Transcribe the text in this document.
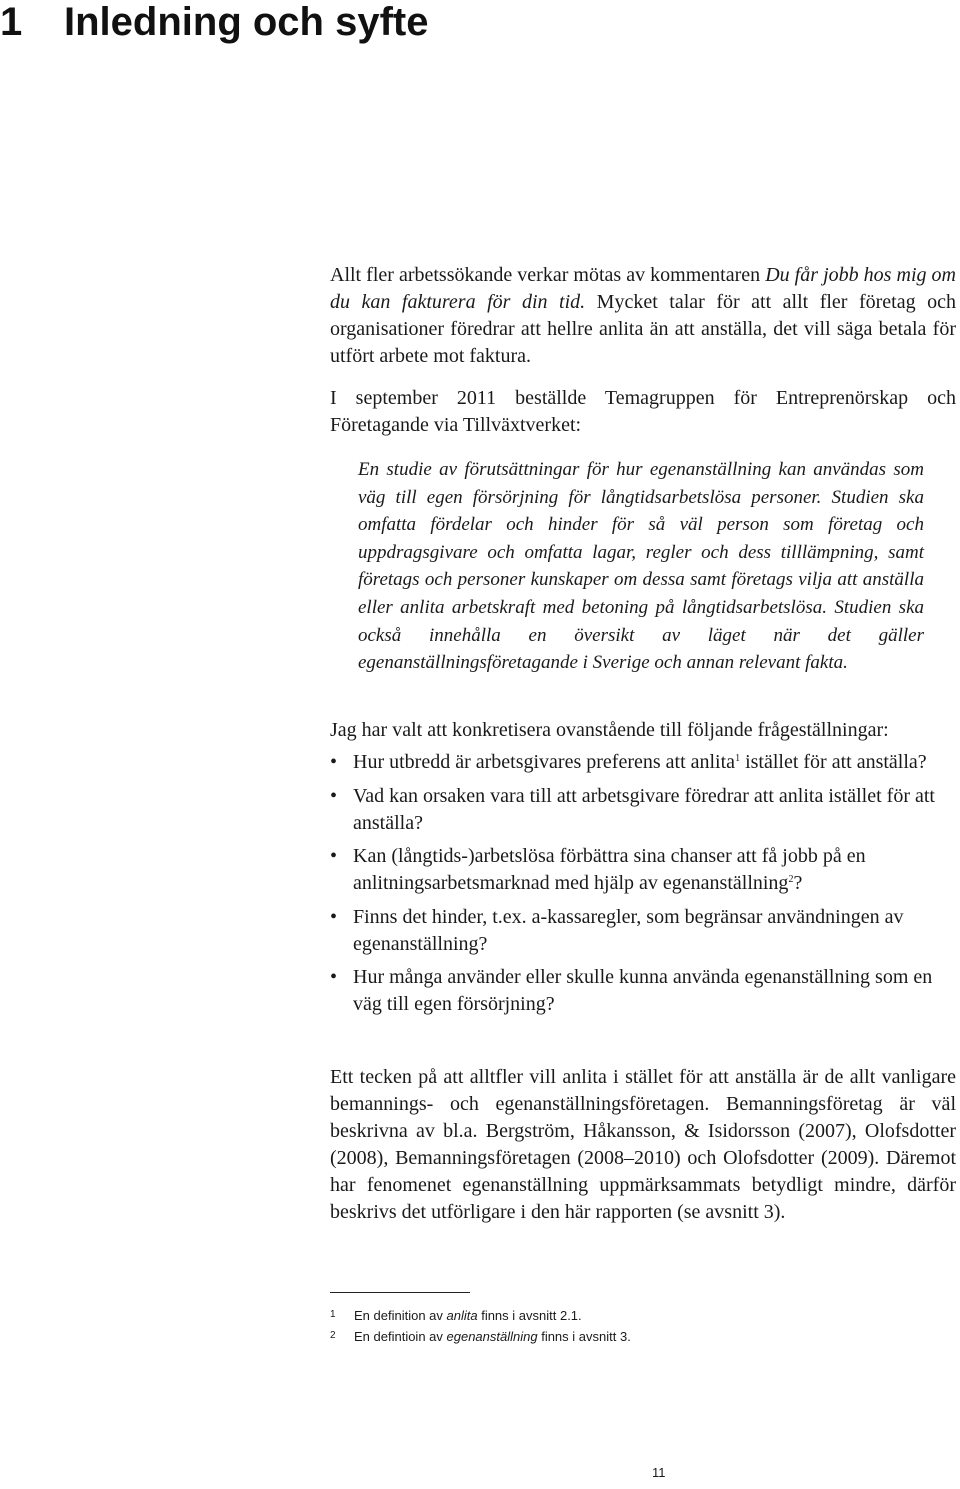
1 Inledning och syfte

Allt fler arbetssökande verkar mötas av kommentaren Du får jobb hos mig om du kan fakturera för din tid. Mycket talar för att allt fler företag och organisationer föredrar att hellre anlita än att anställa, det vill säga betala för utfört arbete mot faktura.

I september 2011 beställde Temagruppen för Entreprenörskap och Företagande via Tillväxtverket:

En studie av förutsättningar för hur egenanställning kan användas som väg till egen försörjning för långtidsarbetslösa personer. Studien ska omfatta fördelar och hinder för så väl person som företag och uppdragsgivare och omfatta lagar, regler och dess tilllämpning, samt företags och personer kunskaper om dessa samt företags vilja att anställa eller anlita arbetskraft med betoning på långtidsarbetslösa. Studien ska också innehålla en översikt av läget när det gäller egenanställningsföretagande i Sverige och annan relevant fakta.

Jag har valt att konkretisera ovanstående till följande frågeställningar:

• Hur utbredd är arbetsgivares preferens att anlita$^1$ istället för att anställa?
• Vad kan orsaken vara till att arbetsgivare föredrar att anlita istället för att anställa?
• Kan (långtids-)arbetslösa förbättra sina chanser att få jobb på en anlitningsarbetsmarknad med hjälp av egenanställning$^2$?
• Finns det hinder, t.ex. a-kassaregler, som begränsar användningen av egenanställning?
• Hur många använder eller skulle kunna använda egenanställning som en väg till egen försörjning?

Ett tecken på att alltfler vill anlita i stället för att anställa är de allt vanligare bemannings- och egenanställningsföretagen. Bemanningsföretag är väl beskrivna av bl.a. Bergström, Håkansson, & Isidorsson (2007), Olofsdotter (2008), Bemanningsföretagen (2008–2010) och Olofsdotter (2009). Däremot har fenomenet egenanställning uppmärksammats betydligt mindre, därför beskrivs det utförligare i den här rapporten (se avsnitt 3).

1 En definition av anlita finns i avsnitt 2.1.
2 En defintioin av egenanställning finns i avsnitt 3.
11
